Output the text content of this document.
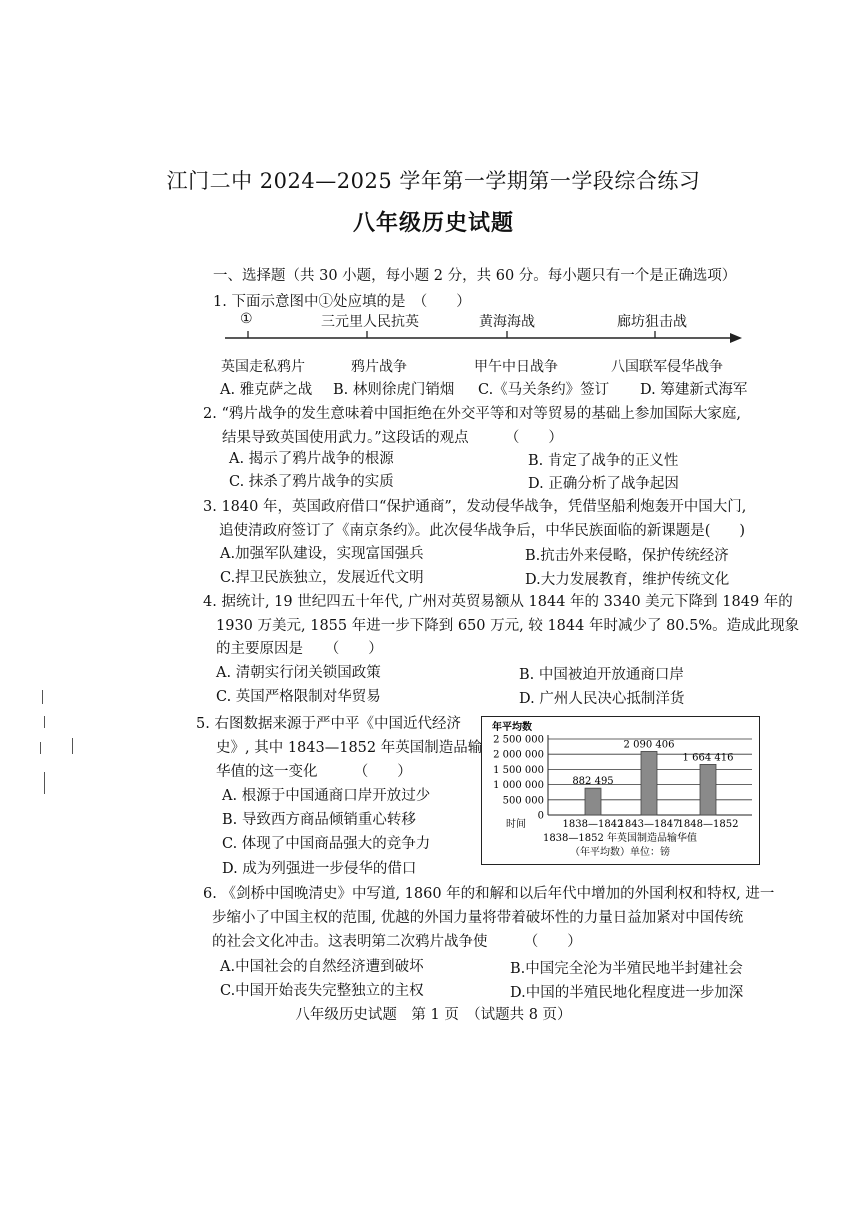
江门二中 2024—2025 学年第一学期第一学段综合练习
八年级历史试题
一、选择题（共 30 小题，每小题 2 分，共 60 分。每小题只有一个是正确选项）
1. 下面示意图中①处应填的是　（　　）
①	三元里人民抗英	黄海海战	廊坊狙击战
英国走私鸦片	鸦片战争	甲午中日战争	八国联军侵华战争
A. 雅克萨之战 B. 林则徐虎门销烟 C.《马关条约》签订 D. 筹建新式海军
2. “鸦片战争的发生意味着中国拒绝在外交平等和对等贸易的基础上参加国际大家庭,
结果导致英国使用武力。”这段话的观点　　　（　　）
A. 揭示了鸦片战争的根源	B. 肯定了战争的正义性
C. 抹杀了鸦片战争的实质	D. 正确分析了战争起因
3. 1840 年，英国政府借口“保护通商”，发动侵华战争，凭借坚船利炮轰开中国大门,
追使清政府签订了《南京条约》。此次侵华战争后，中华民族面临的新课题是(　　)
A.加强军队建设，实现富国强兵	B.抗击外来侵略，保护传统经济
C.捍卫民族独立，发展近代文明	D.大力发展教育，维护传统文化
4. 据统计, 19 世纪四五十年代, 广州对英贸易额从 1844 年的 3340 美元下降到 1849 年的
1930 万美元, 1855 年进一步下降到 650 万元, 较 1844 年时减少了 80.5%。造成此现象
的主要原因是　　（　　）
A. 清朝实行闭关锁国政策	B. 中国被迫开放通商口岸
C. 英国严格限制对华贸易	D. 广州人民决心抵制洋货
5. 右图数据来源于严中平《中国近代经济
史》, 其中 1843—1852 年英国制造品输
华值的这一变化　　　（　　）
A. 根源于中国通商口岸开放过少
B. 导致西方商品倾销重心转移
C. 体现了中国商品强大的竞争力
D. 成为列强进一步侵华的借口
年平均数
0
500 000
1 000 000
1 500 000
2 000 000
2 500 000
882 495
2 090 406
1 664 416
时间	1838—1842
1843—1847
1848—1852
1838—1852 年英国制造品输华值
（年平均数）单位：镑
6. 《剑桥中国晚清史》中写道, 1860 年的和解和以后年代中增加的外国利权和特权, 进一
步缩小了中国主权的范围, 优越的外国力量将带着破坏性的力量日益加紧对中国传统
的社会文化冲击。这表明第二次鸦片战争使　　　（　　）
A.中国社会的自然经济遭到破坏	B.中国完全沦为半殖民地半封建社会
C.中国开始丧失完整独立的主权	D.中国的半殖民地化程度进一步加深
八年级历史试题　第 1 页　（试题共 8 页）
